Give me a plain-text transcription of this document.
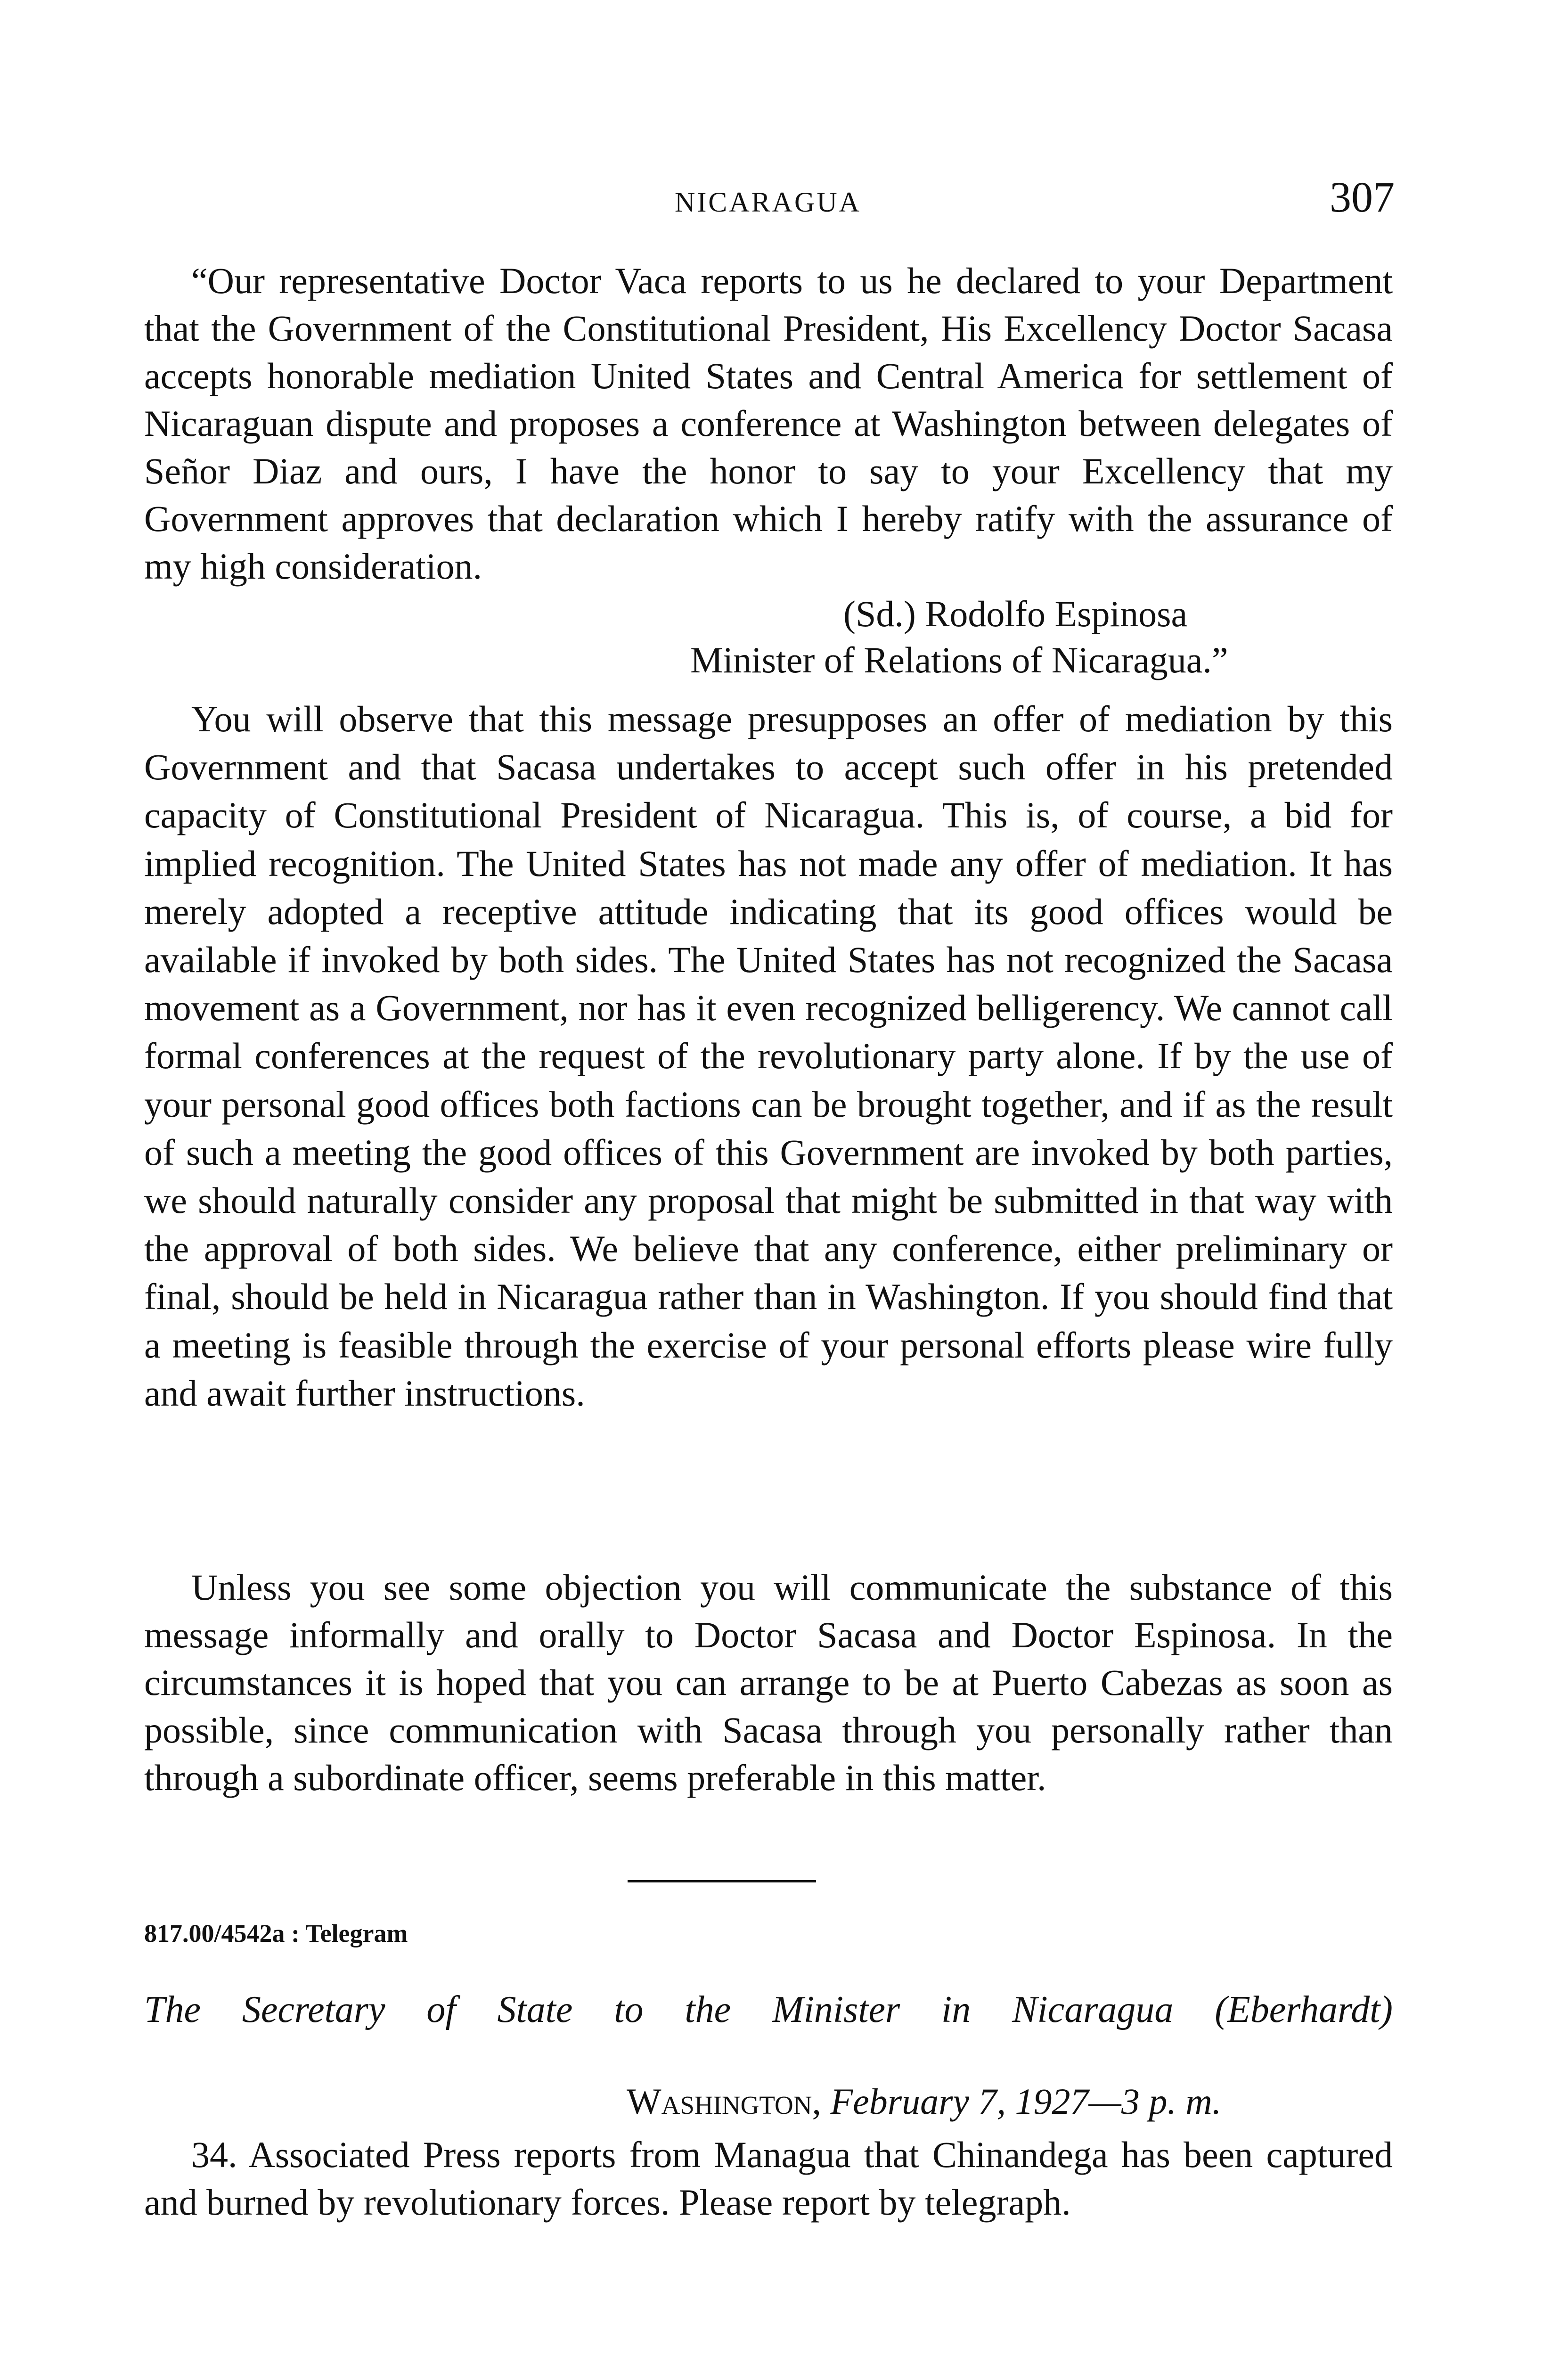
NICARAGUA	307

“Our representative Doctor Vaca reports to us he declared to your Department that the Government of the Constitutional President, His Excellency Doctor Sacasa accepts honorable mediation United States and Central America for settlement of Nicaraguan dispute and proposes a conference at Washington between delegates of Señor Diaz and ours, I have the honor to say to your Excellency that my Government approves that declaration which I hereby ratify with the assurance of my high consideration.

(Sd.) Rodolfo Espinosa
Minister of Relations of Nicaragua.”

You will observe that this message presupposes an offer of mediation by this Government and that Sacasa undertakes to accept such offer in his pretended capacity of Constitutional President of Nicaragua. This is, of course, a bid for implied recognition. The United States has not made any offer of mediation. It has merely adopted a receptive attitude indicating that its good offices would be available if invoked by both sides. The United States has not recognized the Sacasa movement as a Government, nor has it even recognized belligerency. We cannot call formal conferences at the request of the revolutionary party alone. If by the use of your personal good offices both factions can be brought together, and if as the result of such a meeting the good offices of this Government are invoked by both parties, we should naturally consider any proposal that might be submitted in that way with the approval of both sides. We believe that any conference, either preliminary or final, should be held in Nicaragua rather than in Washington. If you should find that a meeting is feasible through the exercise of your personal efforts please wire fully and await further instructions.

Unless you see some objection you will communicate the substance of this message informally and orally to Doctor Sacasa and Doctor Espinosa. In the circumstances it is hoped that you can arrange to be at Puerto Cabezas as soon as possible, since communication with Sacasa through you personally rather than through a subordinate officer, seems preferable in this matter.

817.00/4542a : Telegram
The Secretary of State to the Minister in Nicaragua (Eberhardt)
Washington, February 7, 1927—3 p. m.

34. Associated Press reports from Managua that Chinandega has been captured and burned by revolutionary forces. Please report by telegraph.
